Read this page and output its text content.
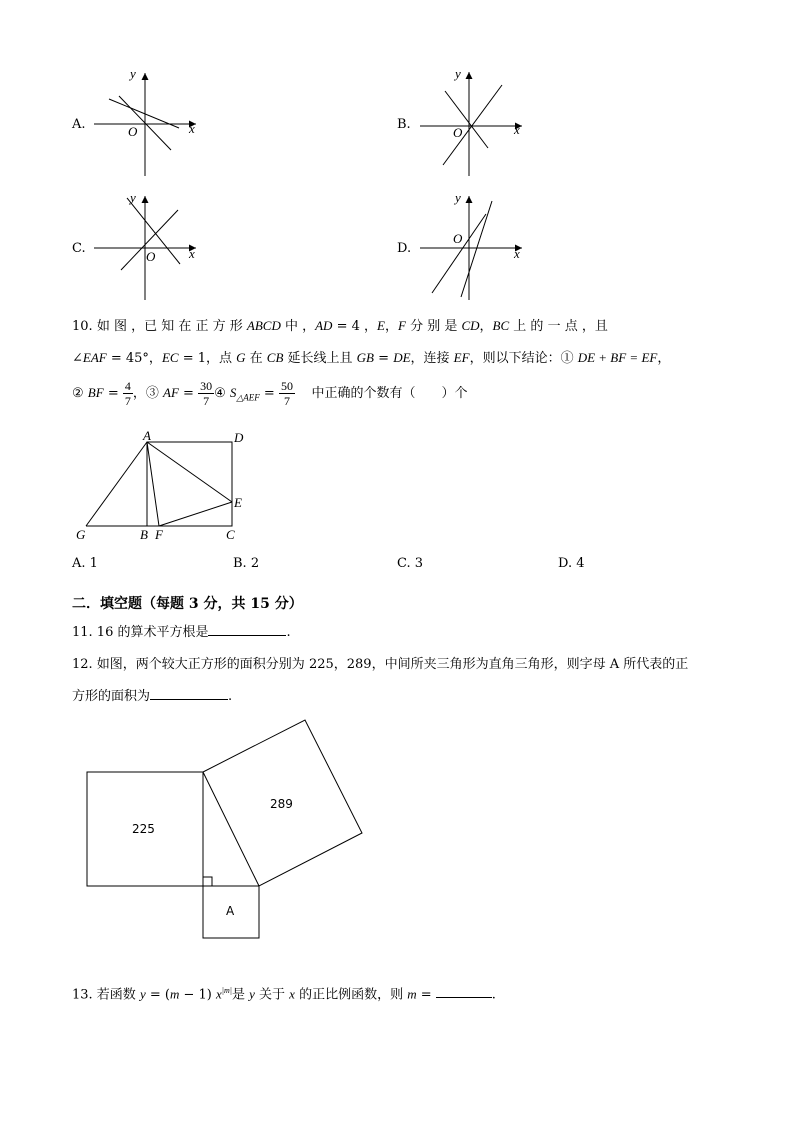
A.	x
y
O	B.	x
y
O
C.	x
y
O
D.	x
y
O
10. 如 图 ，已 知 在 正 方 形 ABCD 中 ，AD = 4 ，E，F 分 别 是 CD，BC 上 的 一 点 ，且
∠EAF = 45°，EC = 1，点 G 在 CB 延长线上且 GB = DE，连接 EF，则以下结论：① DE + BF = EF，
② BF = $\frac{4}{7}$ ，③ AF = $\frac{30}{7}$ ④ $S_{\triangle AEF} = \frac{50}{7}$ 中正确的个数有（　　）个
A	D
E
G	B F	C
A. 1	B. 2	C. 3	D. 4
二．填空题（每题 3 分，共 15 分）
11. 16 的算术平方根是	.
12. 如图，两个较大正方形的面积分别为 225，289，中间所夹三角形为直角三角形，则字母 A 所代表的正
方形的面积为	.
225
289
A
13. 若函数 y = (m − 1) $x^{|m|}$是 y 关于 x 的正比例函数，则 m =	.
